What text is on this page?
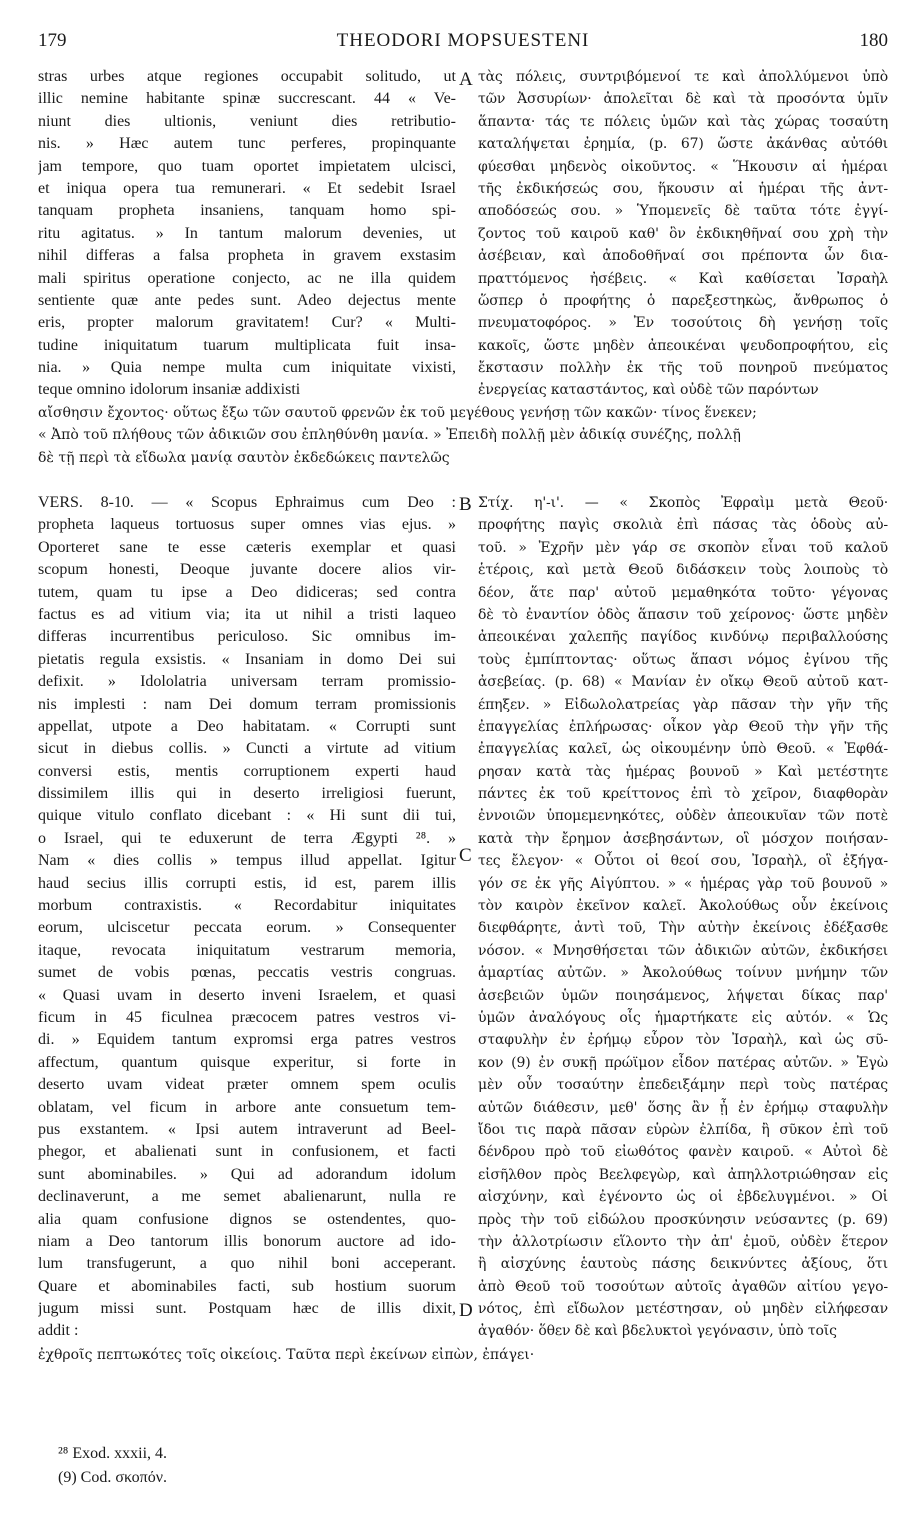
179	THEODORI MOPSUESTENI	180
A
B
C
D
stras urbes atque regiones occupabit solitudo, ut
illic nemine habitante spinæ succrescant. 44 « Ve-
niunt dies ultionis, veniunt dies retributio-
nis. » Hæc autem tunc perferes, propinquante
jam tempore, quo tuam oportet impietatem ulcisci,
et iniqua opera tua remunerari. « Et sedebit Israel
tanquam propheta insaniens, tanquam homo spi-
ritu agitatus. » In tantum malorum devenies, ut
nihil differas a falsa propheta in gravem exstasim
mali spiritus operatione conjecto, ac ne illa quidem
sentiente quæ ante pedes sunt. Adeo dejectus mente
eris, propter malorum gravitatem! Cur? « Multi-
tudine iniquitatum tuarum multiplicata fuit insa-
nia. » Quia nempe multa cum iniquitate vixisti,
teque omnino idolorum insaniæ addixisti
τὰς πόλεις, συντριβόμενοί τε καὶ ἀπολλύμενοι ὑπὸ
τῶν Ἀσσυρίων· ἀπολεῖται δὲ καὶ τὰ προσόντα ὑμῖν
ἅπαντα· τάς τε πόλεις ὑμῶν καὶ τὰς χώρας τοσαύτη
καταλήψεται ἐρημία, (p. 67) ὥστε ἀκάνθας αὐτόθι
φύεσθαι μηδενὸς οἰκοῦντος. « Ἥκουσιν αἱ ἡμέραι
τῆς ἐκδικήσεώς σου, ἥκουσιν αἱ ἡμέραι τῆς ἀντ-
αποδόσεώς σου. » Ὑπομενεῖς δὲ ταῦτα τότε ἐγγί-
ζοντος τοῦ καιροῦ καθ' ὃν ἐκδικηθῆναί σου χρὴ τὴν
ἀσέβειαν, καὶ ἀποδοθῆναί σοι πρέποντα ὧν δια-
πραττόμενος ἠσέβεις. « Καὶ καθίσεται Ἰσραὴλ
ὥσπερ ὁ προφήτης ὁ παρεξεστηκὼς, ἄνθρωπος ὁ
πνευματοφόρος. » Ἐν τοσούτοις δὴ γενήσῃ τοῖς
κακοῖς, ὥστε μηδὲν ἀπεοικέναι ψευδοπροφήτου, εἰς
ἔκστασιν πολλὴν ἐκ τῆς τοῦ πονηροῦ πνεύματος
ἐνεργείας καταστάντος, καὶ οὐδὲ τῶν παρόντων
αἴσθησιν ἔχοντος· οὕτως ἔξω τῶν σαυτοῦ φρενῶν ἐκ τοῦ μεγέθους γενήσῃ τῶν κακῶν· τίνος ἕνεκεν;
« Ἀπὸ τοῦ πλήθους τῶν ἀδικιῶν σου ἐπληθύνθη μανία. » Ἐπειδὴ πολλῇ μὲν ἀδικίᾳ συνέζης, πολλῇ
δὲ τῇ περὶ τὰ εἴδωλα μανίᾳ σαυτὸν ἐκδεδώκεις παντελῶς
VERS. 8-10. — « Scopus Ephraimus cum Deo :
propheta laqueus tortuosus super omnes vias ejus. »
Oporteret sane te esse cæteris exemplar et quasi
scopum honesti, Deoque juvante docere alios vir-
tutem, quam tu ipse a Deo didiceras; sed contra
factus es ad vitium via; ita ut nihil a tristi laqueo
differas incurrentibus periculoso. Sic omnibus im-
pietatis regula exsistis. « Insaniam in domo Dei sui
defixit. » Idololatria universam terram promissio-
nis implesti : nam Dei domum terram promissionis
appellat, utpote a Deo habitatam. « Corrupti sunt
sicut in diebus collis. » Cuncti a virtute ad vitium
conversi estis, mentis corruptionem experti haud
dissimilem illis qui in deserto irreligiosi fuerunt,
quique vitulo conflato dicebant : « Hi sunt dii tui,
o Israel, qui te eduxerunt de terra Ægypti ²⁸. »
Nam « dies collis » tempus illud appellat. Igitur
haud secius illis corrupti estis, id est, parem illis
morbum contraxistis. « Recordabitur iniquitates
eorum, ulciscetur peccata eorum. » Consequenter
itaque, revocata iniquitatum vestrarum memoria,
sumet de vobis pœnas, peccatis vestris congruas.
« Quasi uvam in deserto inveni Israelem, et quasi
ficum in 45 ficulnea præcocem patres vestros vi-
di. » Equidem tantum expromsi erga patres vestros
affectum, quantum quisque experitur, si forte in
deserto uvam videat præter omnem spem oculis
oblatam, vel ficum in arbore ante consuetum tem-
pus exstantem. « Ipsi autem intraverunt ad Beel-
phegor, et abalienati sunt in confusionem, et facti
sunt abominabiles. » Qui ad adorandum idolum
declinaverunt, a me semet abalienarunt, nulla re
alia quam confusione dignos se ostendentes, quo-
niam a Deo tantorum illis bonorum auctore ad ido-
lum transfugerunt, a quo nihil boni acceperant.
Quare et abominabiles facti, sub hostium suorum
jugum missi sunt. Postquam hæc de illis dixit,
addit :
Στίχ. η'-ι'. — « Σκοπὸς Ἐφραὶμ μετὰ Θεοῦ·
προφήτης παγὶς σκολιὰ ἐπὶ πάσας τὰς ὁδοὺς αὐ-
τοῦ. » Ἐχρῆν μὲν γάρ σε σκοπὸν εἶναι τοῦ καλοῦ
ἑτέροις, καὶ μετὰ Θεοῦ διδάσκειν τοὺς λοιποὺς τὸ
δέον, ἅτε παρ' αὐτοῦ μεμαθηκότα τοῦτο· γέγονας
δὲ τὸ ἐναντίον ὁδὸς ἅπασιν τοῦ χείρονος· ὥστε μηδὲν
ἀπεοικέναι χαλεπῆς παγίδος κινδύνῳ περιβαλλούσης
τοὺς ἐμπίπτοντας· οὕτως ἅπασι νόμος ἐγίνου τῆς
ἀσεβείας. (p. 68) « Μανίαν ἐν οἴκῳ Θεοῦ αὐτοῦ κατ-
έπηξεν. » Εἰδωλολατρείας γὰρ πᾶσαν τὴν γῆν τῆς
ἐπαγγελίας ἐπλήρωσας· οἶκον γὰρ Θεοῦ τὴν γῆν τῆς
ἐπαγγελίας καλεῖ, ὡς οἰκουμένην ὑπὸ Θεοῦ. « Ἐφθά-
ρησαν κατὰ τὰς ἡμέρας βουνοῦ » Καὶ μετέστητε
πάντες ἐκ τοῦ κρείττονος ἐπὶ τὸ χεῖρον, διαφθορὰν
ἐννοιῶν ὑπομεμενηκότες, οὐδὲν ἀπεοικυῖαν τῶν ποτὲ
κατὰ τὴν ἔρημον ἀσεβησάντων, οἳ μόσχον ποιήσαν-
τες ἔλεγον· « Οὗτοι οἱ θεοί σου, Ἰσραὴλ, οἳ ἐξήγα-
γόν σε ἐκ γῆς Αἰγύπτου. » « ἡμέρας γὰρ τοῦ βουνοῦ »
τὸν καιρὸν ἐκεῖνον καλεῖ. Ἀκολούθως οὖν ἐκείνοις
διεφθάρητε, ἀντὶ τοῦ, Τὴν αὐτὴν ἐκείνοις ἐδέξασθε
νόσον. « Μνησθήσεται τῶν ἀδικιῶν αὐτῶν, ἐκδικήσει
ἁμαρτίας αὐτῶν. » Ἀκολούθως τοίνυν μνήμην τῶν
ἀσεβειῶν ὑμῶν ποιησάμενος, λήψεται δίκας παρ'
ὑμῶν ἀναλόγους οἷς ἡμαρτήκατε εἰς αὐτόν. « Ὡς
σταφυλὴν ἐν ἐρήμῳ εὗρον τὸν Ἰσραὴλ, καὶ ὡς σῦ-
κον (9) ἐν συκῇ πρώϊμον εἶδον πατέρας αὐτῶν. » Ἐγὼ
μὲν οὖν τοσαύτην ἐπεδειξάμην περὶ τοὺς πατέρας
αὐτῶν διάθεσιν, μεθ' ὅσης ἂν ᾖ ἐν ἐρήμῳ σταφυλὴν
ἴδοι τις παρὰ πᾶσαν εὑρὼν ἐλπίδα, ἢ σῦκον ἐπὶ τοῦ
δένδρου πρὸ τοῦ εἰωθότος φανὲν καιροῦ. « Αὐτοὶ δὲ
εἰσῆλθον πρὸς Βεελφεγὼρ, καὶ ἀπηλλοτριώθησαν εἰς
αἰσχύνην, καὶ ἐγένοντο ὡς οἱ ἐβδελυγμένοι. » Οἱ
πρὸς τὴν τοῦ εἰδώλου προσκύνησιν νεύσαντες (p. 69)
τὴν ἀλλοτρίωσιν εἵλοντο τὴν ἀπ' ἐμοῦ, οὐδὲν ἕτερον
ἢ αἰσχύνης ἑαυτοὺς πάσης δεικνύντες ἀξίους, ὅτι
ἀπὸ Θεοῦ τοῦ τοσούτων αὐτοῖς ἀγαθῶν αἰτίου γεγο-
νότος, ἐπὶ εἴδωλον μετέστησαν, οὐ μηδὲν εἰλήφεσαν
ἀγαθόν· ὅθεν δὲ καὶ βδελυκτοὶ γεγόνασιν, ὑπὸ τοῖς
ἐχθροῖς πεπτωκότες τοῖς οἰκείοις. Ταῦτα περὶ ἐκείνων εἰπὼν, ἐπάγει·
²⁸ Exod. xxxii, 4.
(9) Cod. σκοπόν.
